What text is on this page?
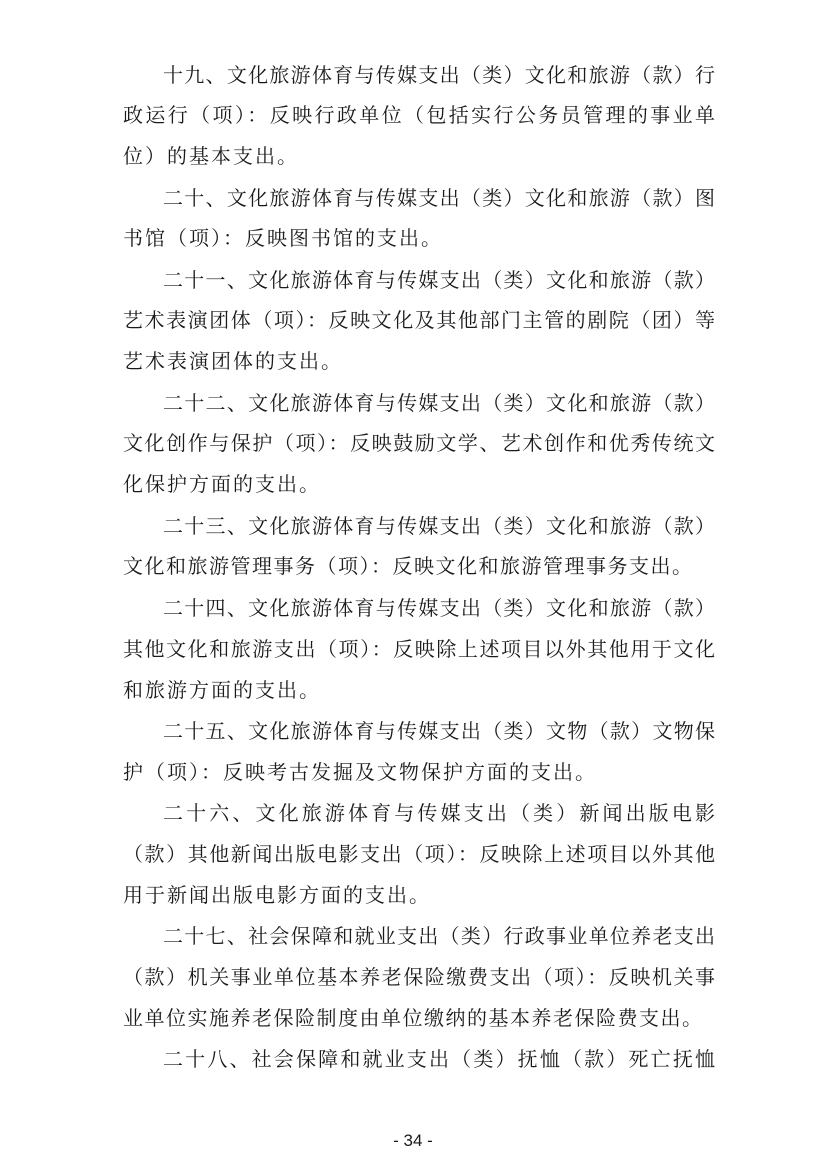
十九、文化旅游体育与传媒支出（类）文化和旅游（款）行
政运行（项）：反映行政单位（包括实行公务员管理的事业单
位）的基本支出。
二十、文化旅游体育与传媒支出（类）文化和旅游（款）图
书馆（项）：反映图书馆的支出。
二十一、文化旅游体育与传媒支出（类）文化和旅游（款）
艺术表演团体（项）：反映文化及其他部门主管的剧院（团）等
艺术表演团体的支出。
二十二、文化旅游体育与传媒支出（类）文化和旅游（款）
文化创作与保护（项）：反映鼓励文学、艺术创作和优秀传统文
化保护方面的支出。
二十三、文化旅游体育与传媒支出（类）文化和旅游（款）
文化和旅游管理事务（项）：反映文化和旅游管理事务支出。
二十四、文化旅游体育与传媒支出（类）文化和旅游（款）
其他文化和旅游支出（项）：反映除上述项目以外其他用于文化
和旅游方面的支出。
二十五、文化旅游体育与传媒支出（类）文物（款）文物保
护（项）：反映考古发掘及文物保护方面的支出。
二十六、文化旅游体育与传媒支出（类）新闻出版电影
（款）其他新闻出版电影支出（项）：反映除上述项目以外其他
用于新闻出版电影方面的支出。
二十七、社会保障和就业支出（类）行政事业单位养老支出
（款）机关事业单位基本养老保险缴费支出（项）：反映机关事
业单位实施养老保险制度由单位缴纳的基本养老保险费支出。
二十八、社会保障和就业支出（类）抚恤（款）死亡抚恤
- 34 -
